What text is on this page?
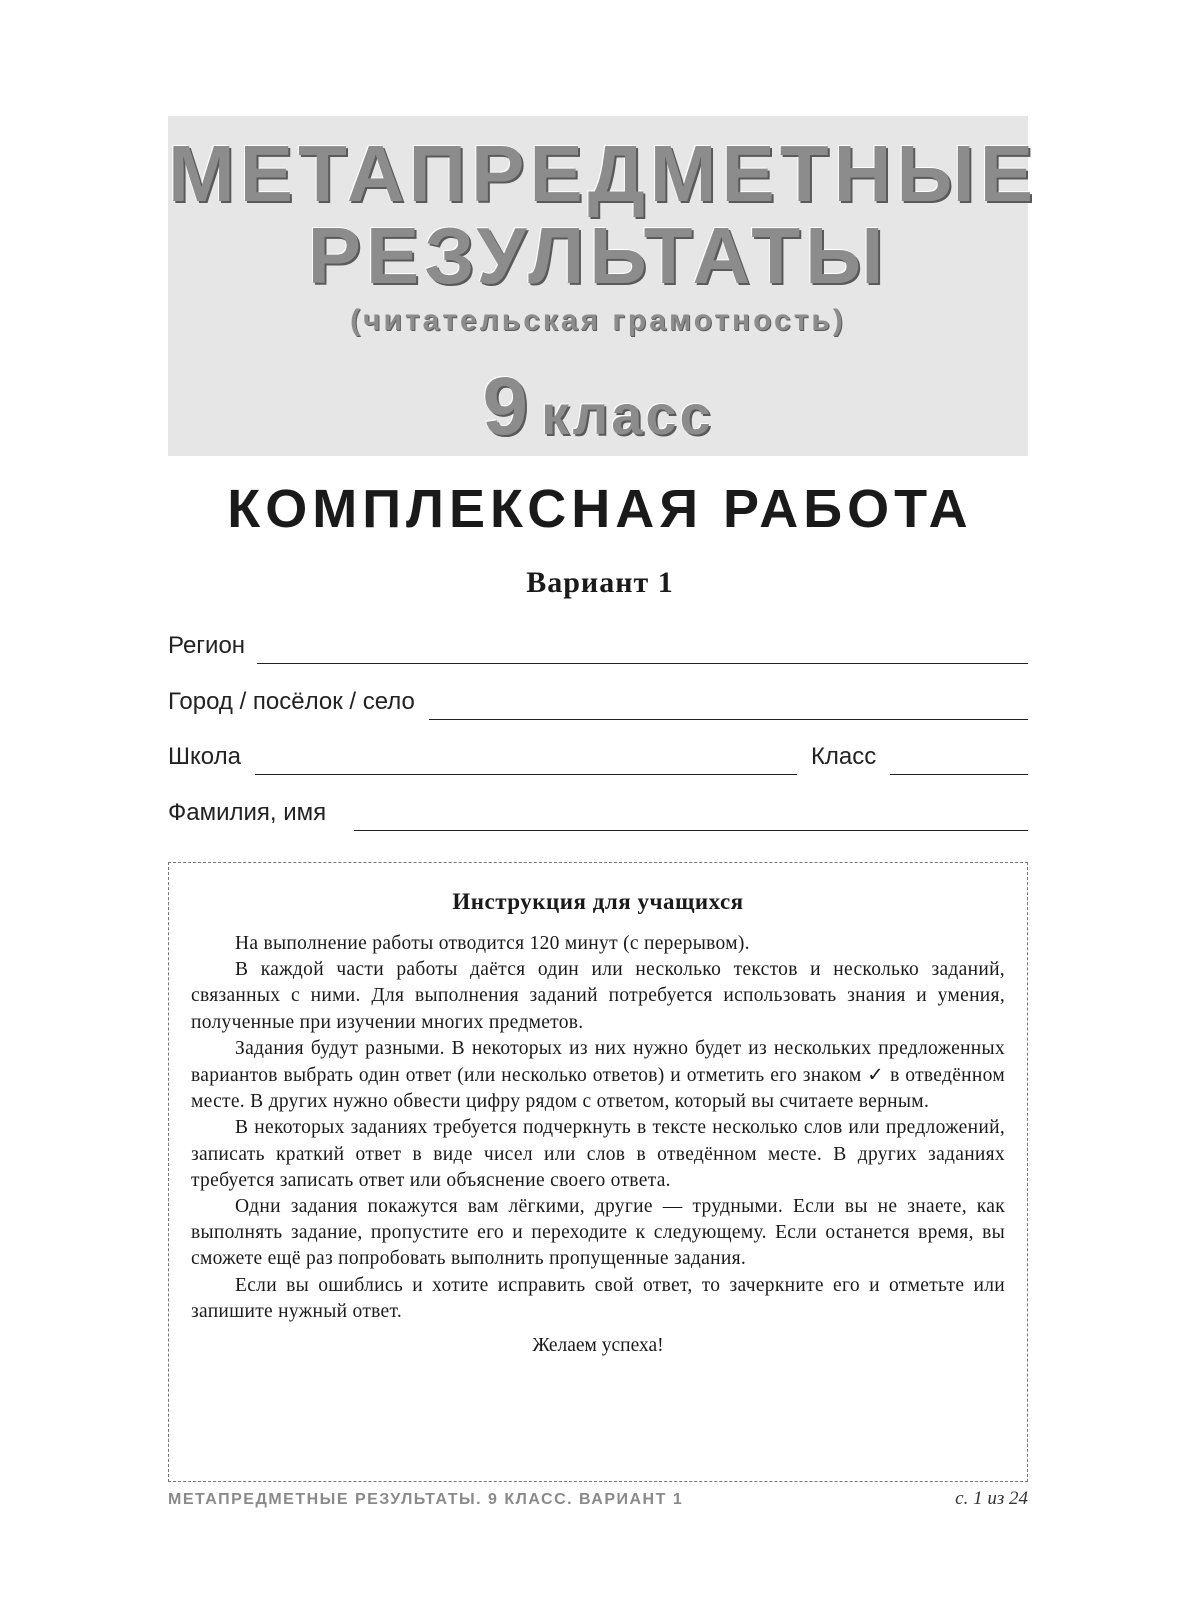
МЕТАПРЕДМЕТНЫЕ
РЕЗУЛЬТАТЫ
(читательская грамотность)
9 класс
КОМПЛЕКСНАЯ РАБОТА
Вариант 1
Регион
Город / посёлок / село
Школа	Класс
Фамилия, имя
Инструкция для учащихся

На выполнение работы отводится 120 минут (с перерывом).

В каждой части работы даётся один или несколько текстов и несколько заданий, связанных с ними. Для выполнения заданий потребуется использовать знания и умения, полученные при изучении многих предметов.

Задания будут разными. В некоторых из них нужно будет из нескольких предложенных вариантов выбрать один ответ (или несколько ответов) и отметить его знаком ✓ в отведённом месте. В других нужно обвести цифру рядом с ответом, который вы считаете верным.

В некоторых заданиях требуется подчеркнуть в тексте несколько слов или предложений, записать краткий ответ в виде чисел или слов в отведённом месте. В других заданиях требуется записать ответ или объяснение своего ответа.

Одни задания покажутся вам лёгкими, другие — трудными. Если вы не знаете, как выполнять задание, пропустите его и переходите к следующему. Если останется время, вы сможете ещё раз попробовать выполнить пропущенные задания.

Если вы ошиблись и хотите исправить свой ответ, то зачеркните его и отметьте или запишите нужный ответ.

Желаем успеха!
МЕТАПРЕДМЕТНЫЕ РЕЗУЛЬТАТЫ. 9 КЛАСС. ВАРИАНТ 1	с. 1 из 24
